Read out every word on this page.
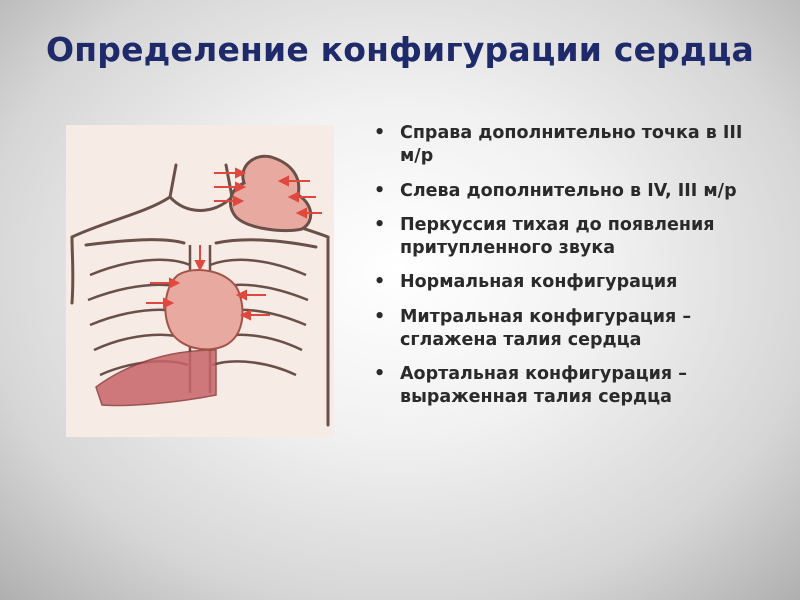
Определение конфигурации сердца
• Справа дополнительно точка в III м/р
• Слева дополнительно в IV, III м/р
• Перкуссия тихая до появления притупленного звука
• Нормальная конфигурация
• Митральная конфигурация – сглажена талия сердца
• Аортальная конфигурация – выраженная талия сердца
